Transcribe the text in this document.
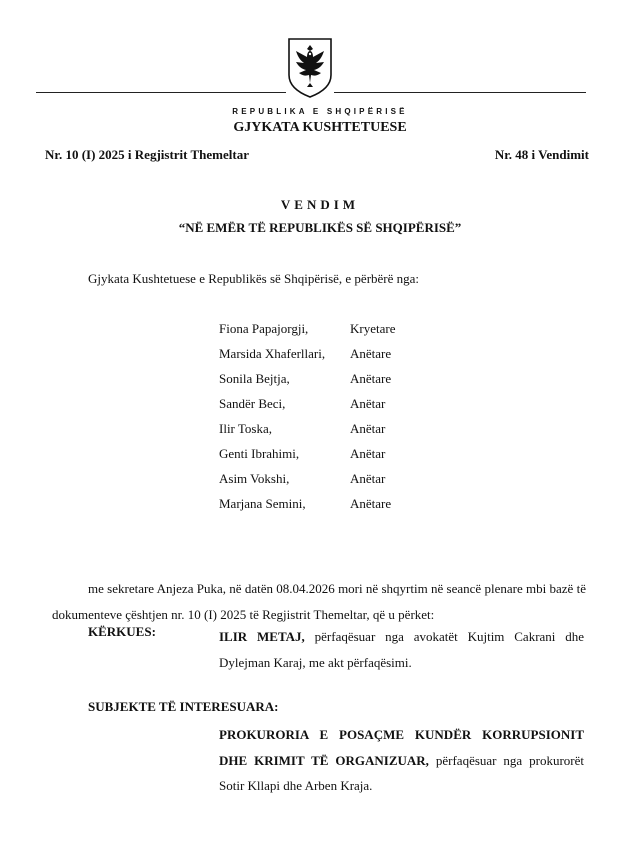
REPUBLIKA E SHQIPËRISË
GJYKATA KUSHTETUESE
Nr. 10 (I) 2025 i Regjistrit Themeltar	Nr. 48 i Vendimit
VENDIM
“NË EMËR TË REPUBLIKËS SË SHQIPËRISË”
Gjykata Kushtetuese e Republikës së Shqipërisë, e përbërë nga:
Fiona Papajorgji,	Kryetare
Marsida Xhaferllari, Anëtare
Sonila Bejtja,	Anëtare
Sandër Beci,	Anëtar
Ilir Toska,	Anëtar
Genti Ibrahimi,	Anëtar
Asim Vokshi,	Anëtar
Marjana Semini,	Anëtare

me sekretare Anjeza Puka, në datën 08.04.2026 mori në shqyrtim në seancë plenare mbi bazë të dokumenteve çështjen nr. 10 (I) 2025 të Regjistrit Themeltar, që u përket:

KËRKUES:	ILIR METAJ, përfaqësuar nga avokatët Kujtim Cakrani dhe Dylejman Karaj, me akt përfaqësimi.

SUBJEKTE TË INTERESUARA:

PROKURORIA E POSAÇME KUNDËR KORRUPSIONIT DHE KRIMIT TË ORGANIZUAR, përfaqësuar nga prokurorët Sotir Kllapi dhe Arben Kraja.
